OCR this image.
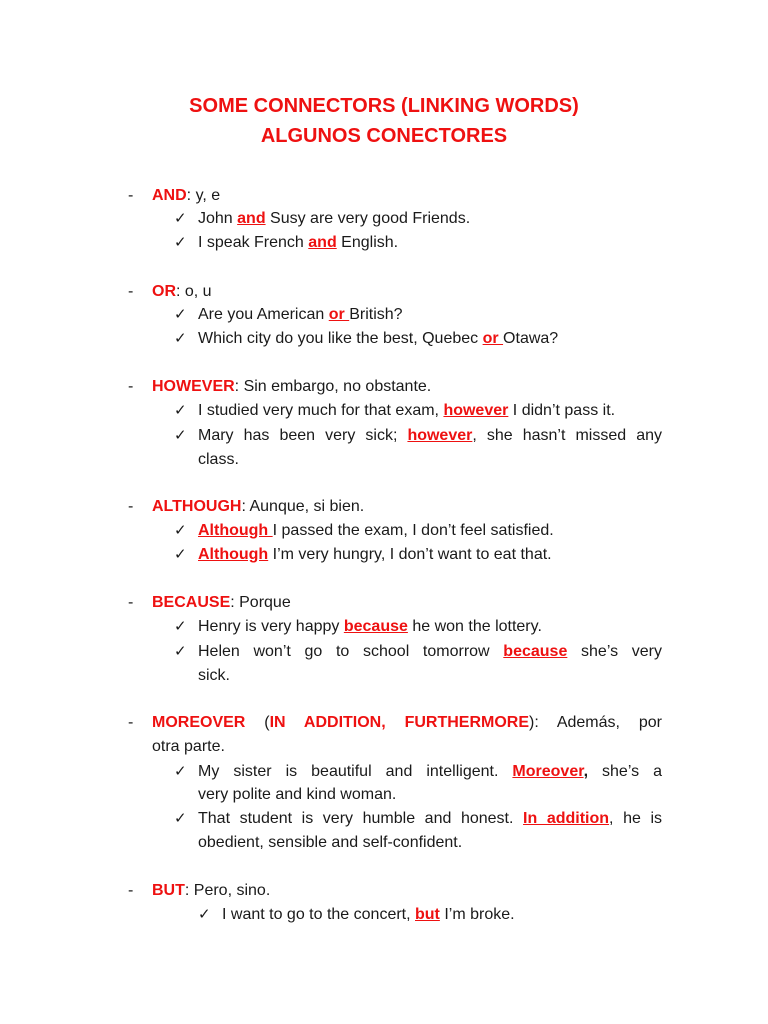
SOME CONNECTORS (LINKING WORDS)
ALGUNOS CONECTORES
- AND: y, e
✓ John and Susy are very good Friends.
✓ I speak French and English.
- OR: o, u
✓ Are you American or British?
✓ Which city do you like the best, Quebec or Otawa?
- HOWEVER: Sin embargo, no obstante.
✓ I studied very much for that exam, however I didn’t pass it.
✓ Mary has been very sick; however, she hasn’t missed any
class.
- ALTHOUGH: Aunque, si bien.
✓ Although I passed the exam, I don’t feel satisfied.
✓ Although I’m very hungry, I don’t want to eat that.
- BECAUSE: Porque
✓ Henry is very happy because he won the lottery.
✓ Helen won’t go to school tomorrow because she’s very
sick.
- MOREOVER (IN ADDITION, FURTHERMORE): Además, por
otra parte.
✓ My sister is beautiful and intelligent. Moreover, she’s a
very polite and kind woman.
✓ That student is very humble and honest. In addition, he is
obedient, sensible and self-confident.
- BUT: Pero, sino.
✓ I want to go to the concert, but I’m broke.
